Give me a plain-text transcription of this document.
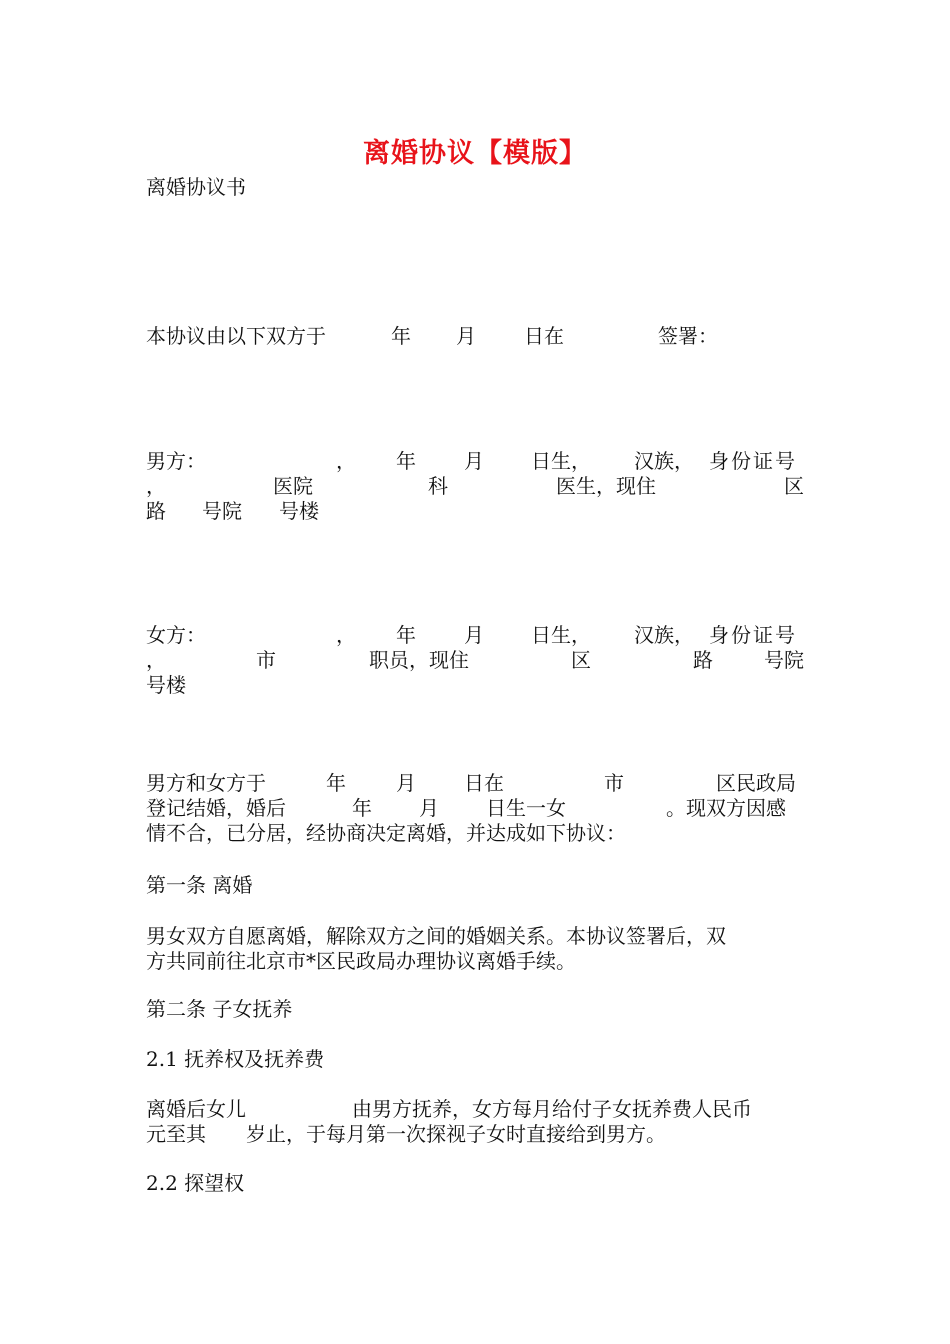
离婚协议【模版】
离婚协议书
本协议由以下双方于	年 月 日在	签署：
男方：	， 年 月 日生， 汉族， 身份证号
，	医院	科	医生，现住	区
路 号院 号楼
女方：	， 年 月 日生， 汉族， 身份证号
，	市	职员，现住	区	路	号院
号楼
男方和女方于	年	月 日在	市	区民政局
登记结婚，婚后	年 月 日生一女	。现双方因感
情不合，已分居，经协商决定离婚，并达成如下协议：
第一条 离婚
男女双方自愿离婚，解除双方之间的婚姻关系。本协议签署后，双
方共同前往北京市*区民政局办理协议离婚手续。
第二条 子女抚养
2.1 抚养权及抚养费
离婚后女儿	由男方抚养，女方每月给付子女抚养费人民币
元至其 岁止，于每月第一次探视子女时直接给到男方。
2.2 探望权
